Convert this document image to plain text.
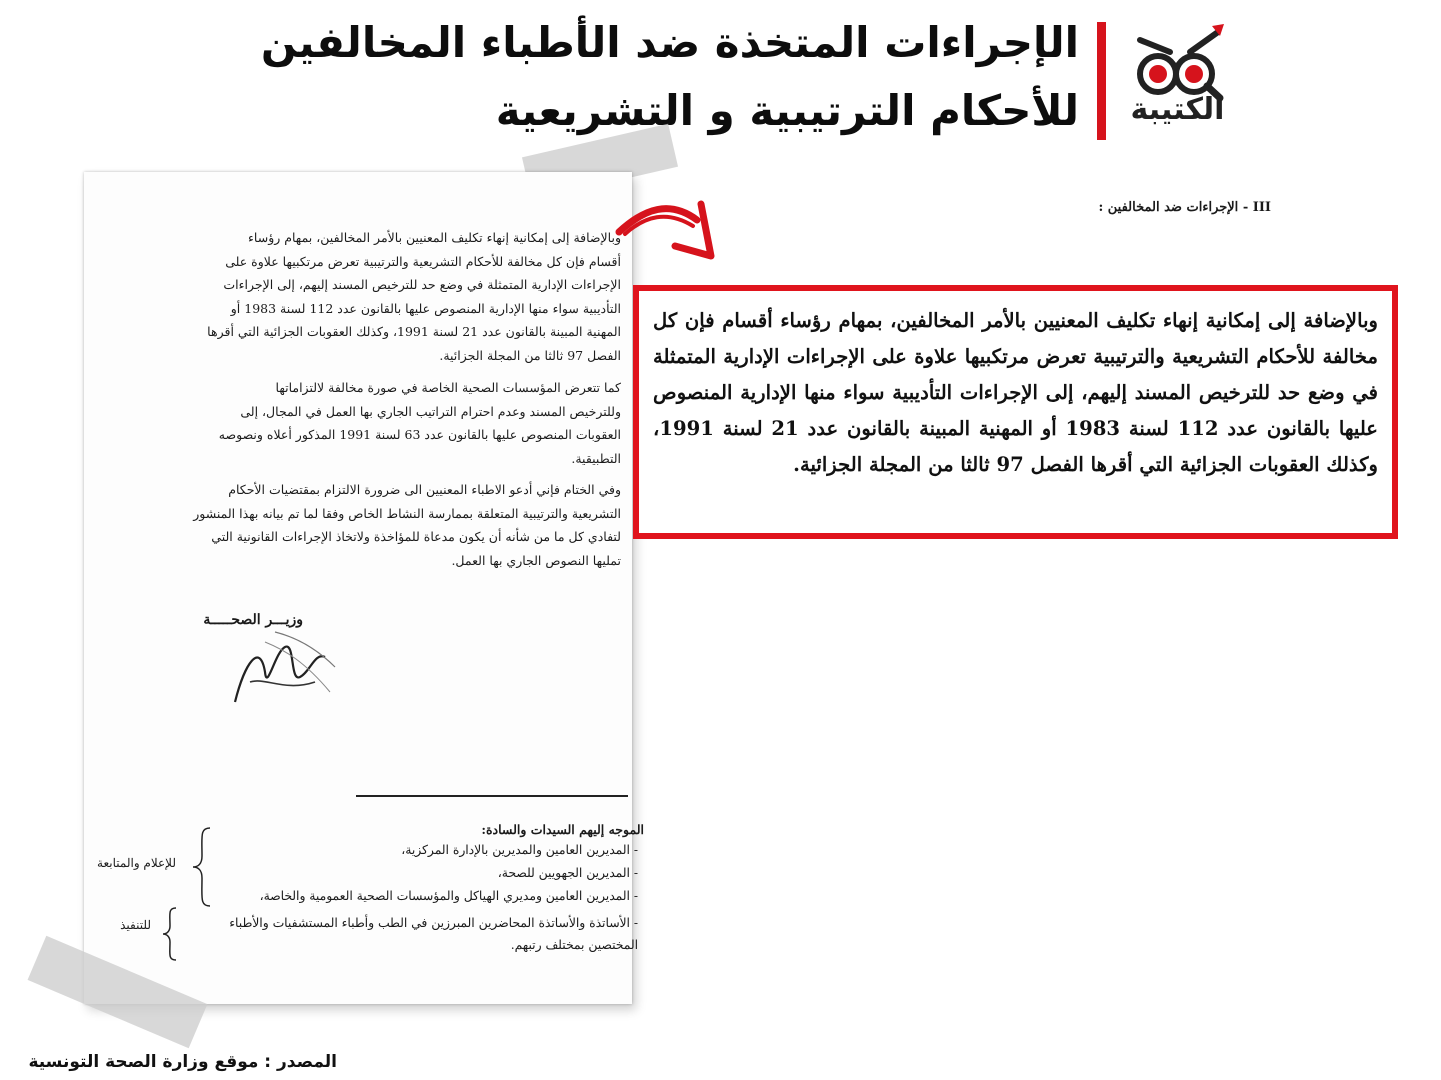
الإجراءات المتخذة ضد الأطباء المخالفين
للأحكام الترتيبية و التشريعية	الكتيبة
III - الإجراءات ضد المخالفين :
وبالإضافة إلى إمكانية إنهاء تكليف المعنيين بالأمر المخالفين، بمهام رؤساء
أقسام فإن كل مخالفة للأحكام التشريعية والترتيبية تعرض مرتكبيها علاوة على
الإجراءات الإدارية المتمثلة في وضع حد للترخيص المسند إليهم، إلى الإجراءات
التأديبية سواء منها الإدارية المنصوص عليها بالقانون عدد 112 لسنة 1983 أو
المهنية المبينة بالقانون عدد 21 لسنة 1991، وكذلك العقوبات الجزائية التي أقرها
الفصل 97 ثالثا من المجلة الجزائية.
كما تتعرض المؤسسات الصحية الخاصة في صورة مخالفة لالتزاماتها
وللترخيص المسند وعدم احترام التراتيب الجاري بها العمل في المجال، إلى
العقوبات المنصوص عليها بالقانون عدد 63 لسنة 1991 المذكور أعلاه ونصوصه
التطبيقية.
وفي الختام فإني أدعو الاطباء المعنيين الى ضرورة الالتزام بمقتضيات الأحكام
التشريعية والترتيبية المتعلقة بممارسة النشاط الخاص وفقا لما تم بيانه بهذا المنشور
لتفادي كل ما من شأنه أن يكون مدعاة للمؤاخذة ولاتخاذ الإجراءات القانونية التي
تمليها النصوص الجاري بها العمل.
وزيـــر الصحـــــة
الموجه إليهم السيدات والسادة:
- المديرين العامين والمديرين بالإدارة المركزية،
- المديرين الجهويين للصحة،
- المديرين العامين ومديري الهياكل والمؤسسات الصحية العمومية والخاصة،
- الأساتذة والأساتذة المحاضرين المبرزين في الطب وأطباء المستشفيات والأطباء المختصين بمختلف رتبهم.
للإعلام والمتابعة
للتنفيذ
وبالإضافة إلى إمكانية إنهاء تكليف المعنيين بالأمر المخالفين، بمهام رؤساء أقسام فإن كل مخالفة للأحكام التشريعية والترتيبية تعرض مرتكبيها علاوة على الإجراءات الإدارية المتمثلة في وضع حد للترخيص المسند إليهم، إلى الإجراءات التأديبية سواء منها الإدارية المنصوص عليها بالقانون عدد 112 لسنة 1983 أو المهنية المبينة بالقانون عدد 21 لسنة 1991، وكذلك العقوبات الجزائية التي أقرها الفصل 97 ثالثا من المجلة الجزائية.
المصدر : موقع وزارة الصحة التونسية
